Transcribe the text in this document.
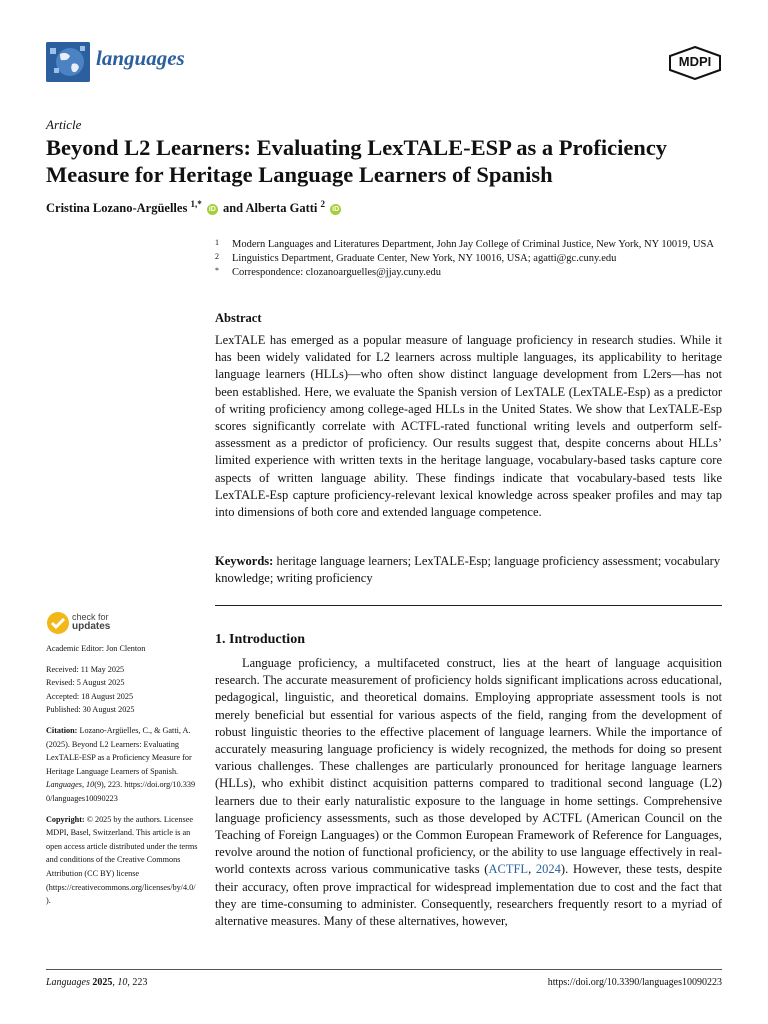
languages	MDPI
Article
Beyond L2 Learners: Evaluating LexTALE-ESP as a Proficiency Measure for Heritage Language Learners of Spanish
Cristina Lozano-Argüelles $^{1,*}$ iD and Alberta Gatti $^2$ iD
1	Modern Languages and Literatures Department, John Jay College of Criminal Justice, New York, NY 10019, USA
2	Linguistics Department, Graduate Center, New York, NY 10016, USA; agatti@gc.cuny.edu
*	Correspondence: clozanoarguelles@jjay.cuny.edu
Abstract
LexTALE has emerged as a popular measure of language proficiency in research studies. While it has been widely validated for L2 learners across multiple languages, its applicability to heritage language learners (HLLs)—who often show distinct language development from L2ers—has not been established. Here, we evaluate the Spanish version of LexTALE (LexTALE-Esp) as a predictor of writing proficiency among college-aged HLLs in the United States. We show that LexTALE-Esp scores significantly correlate with ACTFL-rated functional writing levels and outperform self-assessment as a predictor of proficiency. Our results suggest that, despite concerns about HLLs’ limited experience with written texts in the heritage language, vocabulary-based tasks capture core aspects of written language ability. These findings indicate that vocabulary-based tests like LexTALE-Esp capture proficiency-relevant lexical knowledge across speaker profiles and may tap into dimensions of both core and extended language competence.
Keywords: heritage language learners; LexTALE-Esp; language proficiency assessment; vocabulary knowledge; writing proficiency
check for
updates

Academic Editor: Jon Clenton

Received: 11 May 2025

Revised: 5 August 2025

Accepted: 18 August 2025

Published: 30 August 2025

Citation: Lozano-Argüelles, C., & Gatti, A. (2025). Beyond L2 Learners: Evaluating LexTALE-ESP as a Proficiency Measure for Heritage Language Learners of Spanish. Languages, 10(9), 223. https://doi.org/10.3390/languages10090223

Copyright: © 2025 by the authors. Licensee MDPI, Basel, Switzerland. This article is an open access article distributed under the terms and conditions of the Creative Commons Attribution (CC BY) license (https://creativecommons.org/licenses/by/4.0/).

1. Introduction
Language proficiency, a multifaceted construct, lies at the heart of language acquisition research. The accurate measurement of proficiency holds significant implications across educational, pedagogical, linguistic, and theoretical domains. Employing appropriate assessment tools is not merely beneficial but essential for various aspects of the field, ranging from the development of robust linguistic theories to the effective placement of language learners. While the importance of accurately measuring language proficiency is widely recognized, the methods for doing so present various challenges. These challenges are particularly pronounced for heritage language learners (HLLs), who exhibit distinct acquisition patterns compared to traditional second language (L2) learners due to their early naturalistic exposure to the language in home settings. Comprehensive language proficiency assessments, such as those developed by ACTFL (American Council on the Teaching of Foreign Languages) or the Common European Framework of Reference for Languages, revolve around the notion of functional proficiency, or the ability to use language effectively in real-world contexts across various communicative tasks (ACTFL, 2024). However, these tests, despite their accuracy, often prove impractical for widespread implementation due to cost and the fact that they are time-consuming to administer. Consequently, researchers frequently resort to a myriad of alternative measures. Many of these alternatives, however,
Languages 2025, 10, 223	https://doi.org/10.3390/languages10090223
